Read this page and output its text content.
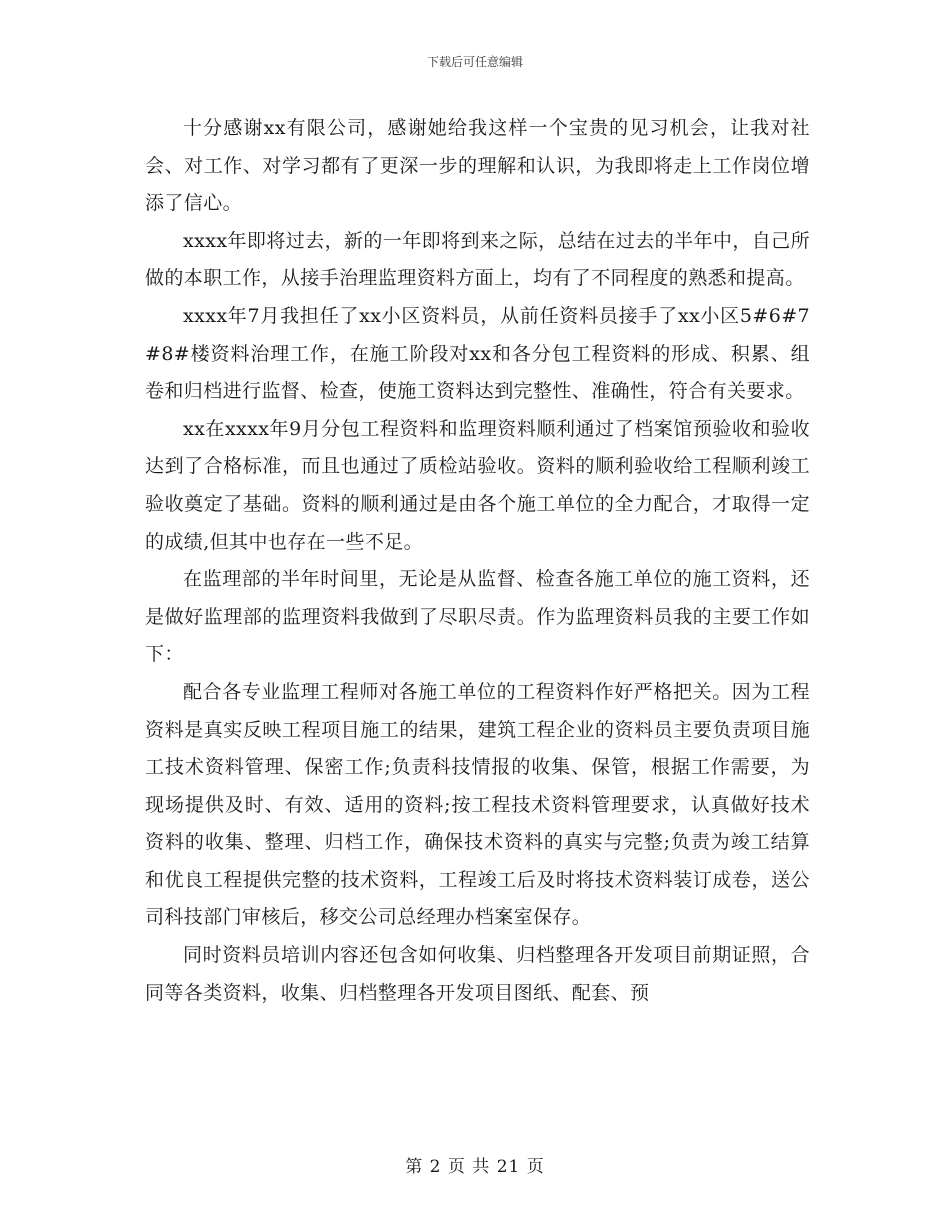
下载后可任意编辑

十分感谢xx有限公司，感谢她给我这样一个宝贵的见习机会，让我对社会、对工作、对学习都有了更深一步的理解和认识，为我即将走上工作岗位增添了信心。

xxxx年即将过去，新的一年即将到来之际，总结在过去的半年中，自己所做的本职工作，从接手治理监理资料方面上，均有了不同程度的熟悉和提高。

xxxx年7月我担任了xx小区资料员，从前任资料员接手了xx小区5#6#7#8#楼资料治理工作，在施工阶段对xx和各分包工程资料的形成、积累、组卷和归档进行监督、检查，使施工资料达到完整性、准确性，符合有关要求。

xx在xxxx年9月分包工程资料和监理资料顺利通过了档案馆预验收和验收达到了合格标准，而且也通过了质检站验收。资料的顺利验收给工程顺利竣工验收奠定了基础。资料的顺利通过是由各个施工单位的全力配合，才取得一定的成绩,但其中也存在一些不足。

在监理部的半年时间里，无论是从监督、检查各施工单位的施工资料，还是做好监理部的监理资料我做到了尽职尽责。作为监理资料员我的主要工作如下：

配合各专业监理工程师对各施工单位的工程资料作好严格把关。因为工程资料是真实反映工程项目施工的结果，建筑工程企业的资料员主要负责项目施工技术资料管理、保密工作;负责科技情报的收集、保管，根据工作需要，为现场提供及时、有效、适用的资料;按工程技术资料管理要求，认真做好技术资料的收集、整理、归档工作，确保技术资料的真实与完整;负责为竣工结算和优良工程提供完整的技术资料，工程竣工后及时将技术资料装订成卷，送公司科技部门审核后，移交公司总经理办档案室保存。

同时资料员培训内容还包含如何收集、归档整理各开发项目前期证照，合同等各类资料，收集、归档整理各开发项目图纸、配套、预

第 2 页 共 21 页
